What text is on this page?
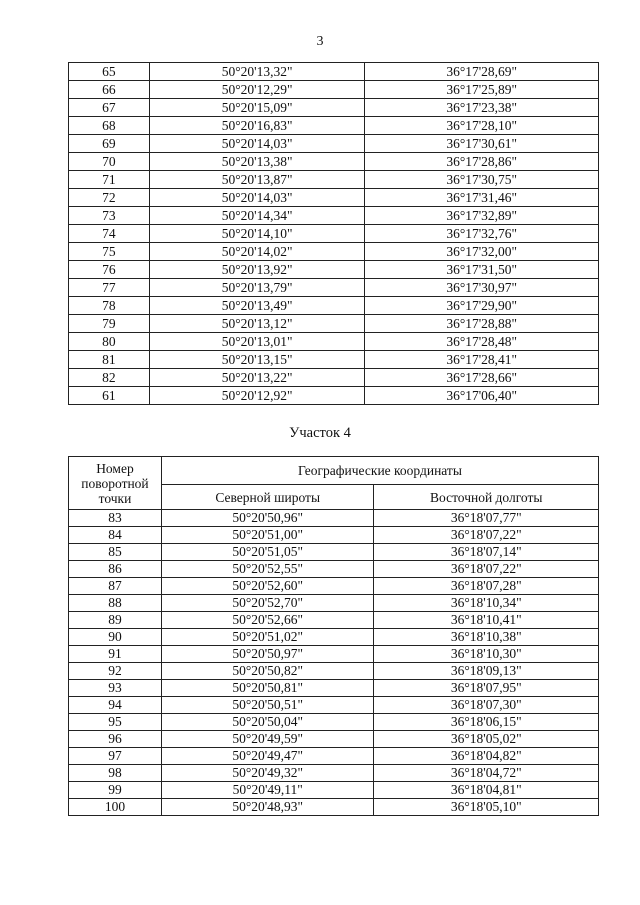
3
65	50°20'13,32"	36°17'28,69"
66	50°20'12,29"	36°17'25,89"
67	50°20'15,09"	36°17'23,38"
68	50°20'16,83"	36°17'28,10"
69	50°20'14,03"	36°17'30,61"
70	50°20'13,38"	36°17'28,86"
71	50°20'13,87"	36°17'30,75"
72	50°20'14,03"	36°17'31,46"
73	50°20'14,34"	36°17'32,89"
74	50°20'14,10"	36°17'32,76"
75	50°20'14,02"	36°17'32,00"
76	50°20'13,92"	36°17'31,50"
77	50°20'13,79"	36°17'30,97"
78	50°20'13,49"	36°17'29,90"
79	50°20'13,12"	36°17'28,88"
80	50°20'13,01"	36°17'28,48"
81	50°20'13,15"	36°17'28,41"
82	50°20'13,22"	36°17'28,66"
61	50°20'12,92"	36°17'06,40"
Участок 4
Номер поворотной точки	Географические координаты	
	Северной широты	Восточной долготы
83	50°20'50,96"	36°18'07,77"
84	50°20'51,00"	36°18'07,22"
85	50°20'51,05"	36°18'07,14"
86	50°20'52,55"	36°18'07,22"
87	50°20'52,60"	36°18'07,28"
88	50°20'52,70"	36°18'10,34"
89	50°20'52,66"	36°18'10,41"
90	50°20'51,02"	36°18'10,38"
91	50°20'50,97"	36°18'10,30"
92	50°20'50,82"	36°18'09,13"
93	50°20'50,81"	36°18'07,95"
94	50°20'50,51"	36°18'07,30"
95	50°20'50,04"	36°18'06,15"
96	50°20'49,59"	36°18'05,02"
97	50°20'49,47"	36°18'04,82"
98	50°20'49,32"	36°18'04,72"
99	50°20'49,11"	36°18'04,81"
100	50°20'48,93"	36°18'05,10"
